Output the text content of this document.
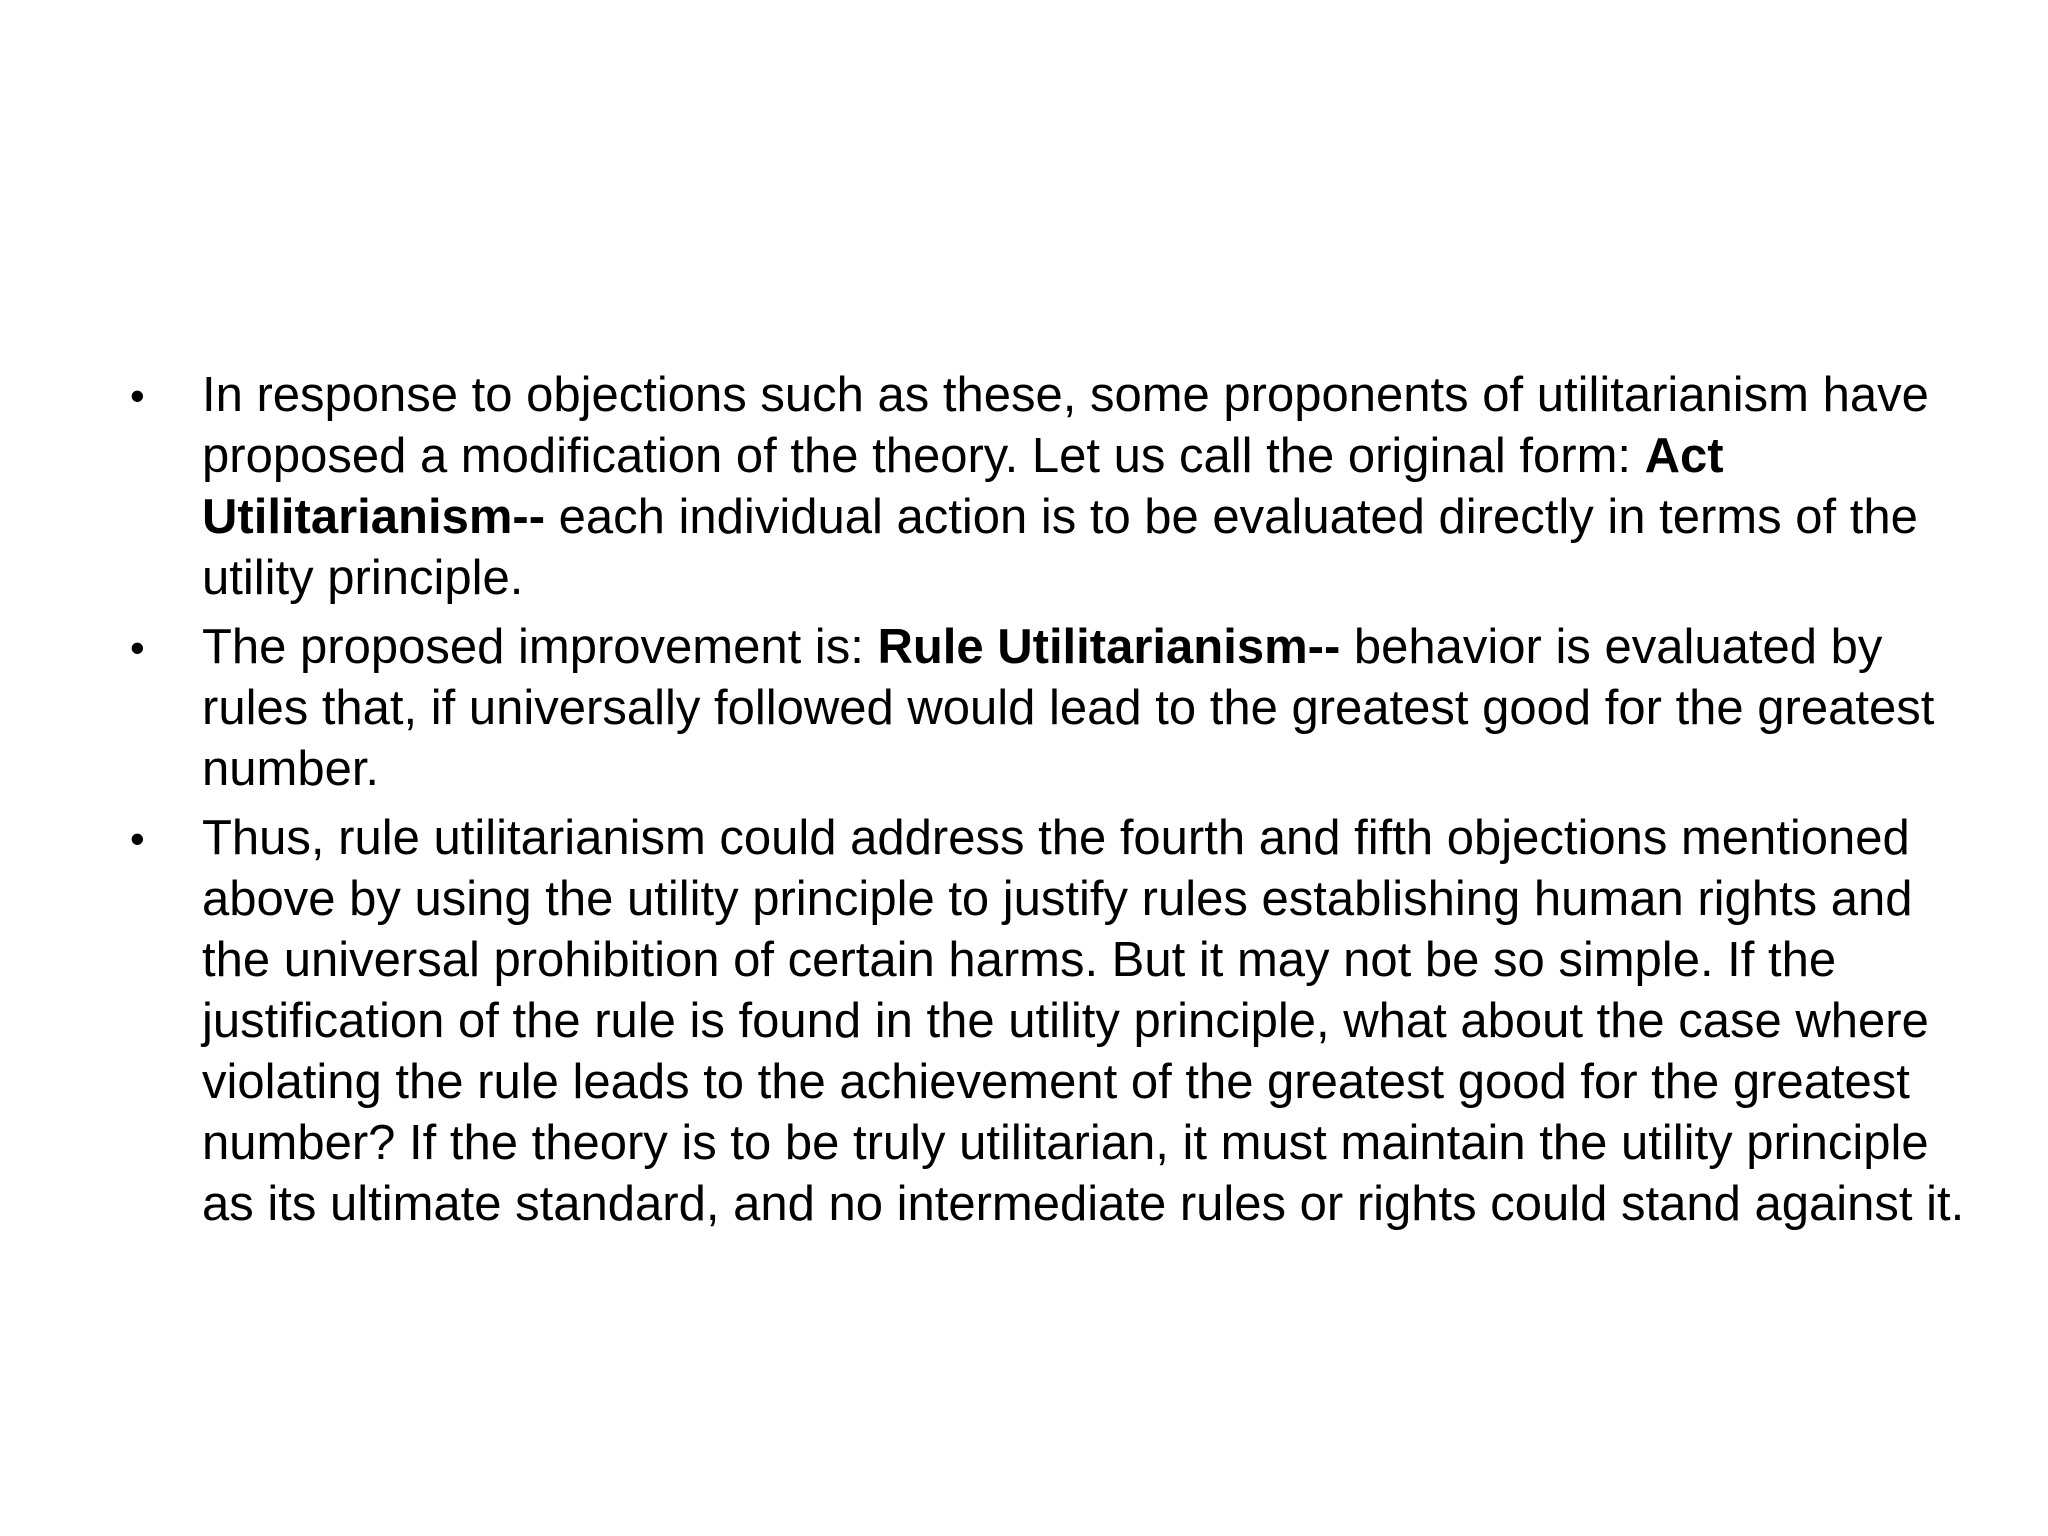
•	In response to objections such as these, some proponents of utilitarianism have proposed a modification of the theory. Let us call the original form: Act Utilitarianism-- each individual action is to be evaluated directly in terms of the utility principle.
•	The proposed improvement is: Rule Utilitarianism-- behavior is evaluated by rules that, if universally followed would lead to the greatest good for the greatest number.
•	Thus, rule utilitarianism could address the fourth and fifth objections mentioned above by using the utility principle to justify rules establishing human rights and the universal prohibition of certain harms. But it may not be so simple. If the justification of the rule is found in the utility principle, what about the case where violating the rule leads to the achievement of the greatest good for the greatest number? If the theory is to be truly utilitarian, it must maintain the utility principle as its ultimate standard, and no intermediate rules or rights could stand against it.
